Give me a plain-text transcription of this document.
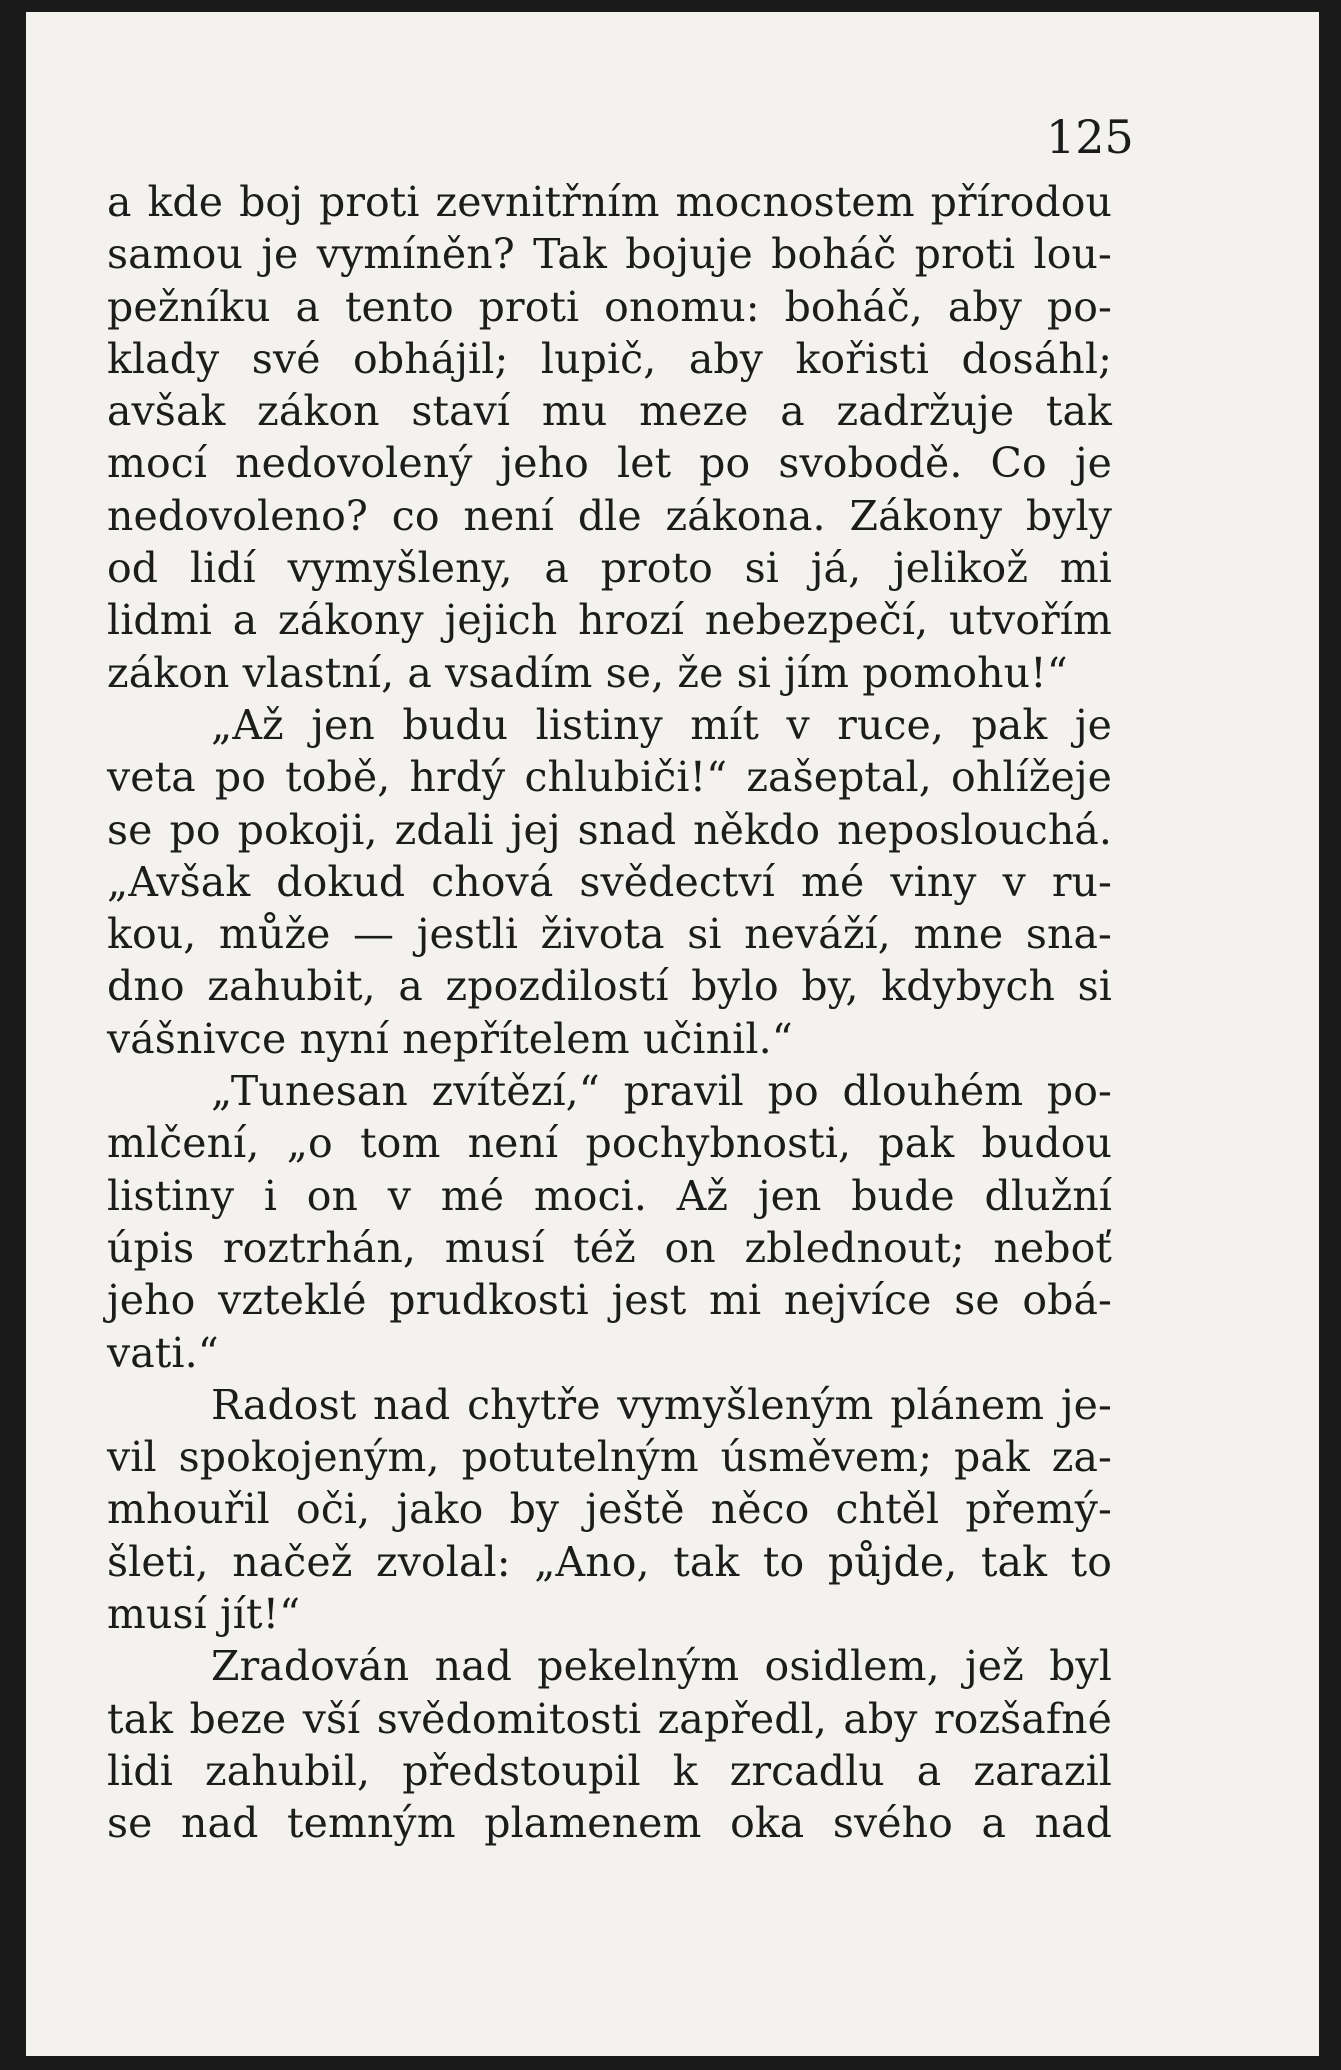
125
a kde boj proti zevnitřním mocnostem přírodou
samou je vymíněn? Tak bojuje boháč proti lou-
pežníku a tento proti onomu: boháč, aby po-
klady své obhájil; lupič, aby kořisti dosáhl;
avšak zákon staví mu meze a zadržuje tak
mocí nedovolený jeho let po svobodě. Co je
nedovoleno? co není dle zákona. Zákony byly
od lidí vymyšleny, a proto si já, jelikož mi
lidmi a zákony jejich hrozí nebezpečí, utvořím
zákon vlastní, a vsadím se, že si jím pomohu!“
„Až jen budu listiny mít v ruce, pak je
veta po tobě, hrdý chlubiči!“ zašeptal, ohlížeje
se po pokoji, zdali jej snad někdo neposlouchá.
„Avšak dokud chová svědectví mé viny v ru-
kou, může — jestli života si neváží, mne sna-
dno zahubit, a zpozdilostí bylo by, kdybych si
vášnivce nyní nepřítelem učinil.“
„Tunesan zvítězí,“ pravil po dlouhém po-
mlčení, „o tom není pochybnosti, pak budou
listiny i on v mé moci. Až jen bude dlužní
úpis roztrhán, musí též on zblednout; neboť
jeho vzteklé prudkosti jest mi nejvíce se obá-
vati.“
Radost nad chytře vymyšleným plánem je-
vil spokojeným, potutelným úsměvem; pak za-
mhouřil oči, jako by ještě něco chtěl přemý-
šleti, načež zvolal: „Ano, tak to půjde, tak to
musí jít!“
Zradován nad pekelným osidlem, jež byl
tak beze vší svědomitosti zapředl, aby rozšafné
lidi zahubil, předstoupil k zrcadlu a zarazil
se nad temným plamenem oka svého a nad
